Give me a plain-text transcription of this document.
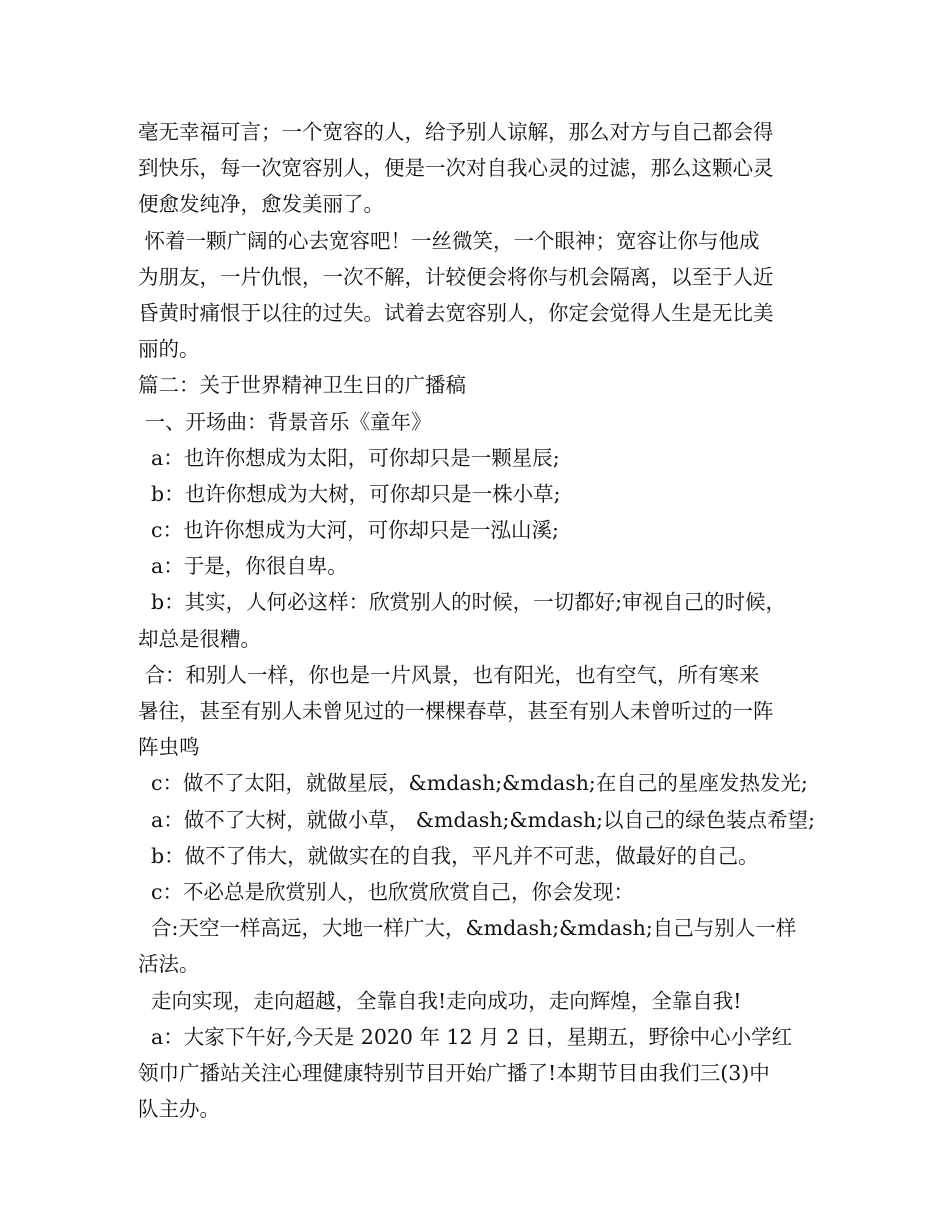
毫无幸福可言；一个宽容的人，给予别人谅解，那么对方与自己都会得
到快乐，每一次宽容别人，便是一次对自我心灵的过滤，那么这颗心灵
便愈发纯净，愈发美丽了。
怀着一颗广阔的心去宽容吧！一丝微笑，一个眼神；宽容让你与他成
为朋友，一片仇恨，一次不解，计较便会将你与机会隔离，以至于人近
昏黄时痛恨于以往的过失。试着去宽容别人，你定会觉得人生是无比美
丽的。
篇二：关于世界精神卫生日的广播稿
一、开场曲：背景音乐《童年》
a：也许你想成为太阳，可你却只是一颗星辰;
b：也许你想成为大树，可你却只是一株小草;
c：也许你想成为大河，可你却只是一泓山溪;
a：于是，你很自卑。
b：其实，人何必这样：欣赏别人的时候，一切都好;审视自己的时候，
却总是很糟。
合：和别人一样，你也是一片风景，也有阳光，也有空气，所有寒来
暑往，甚至有别人未曾见过的一棵棵春草，甚至有别人未曾听过的一阵
阵虫鸣
c：做不了太阳，就做星辰，&mdash;&mdash;在自己的星座发热发光;
a：做不了大树，就做小草， &mdash;&mdash;以自己的绿色装点希望;
b：做不了伟大，就做实在的自我，平凡并不可悲，做最好的自己。
c：不必总是欣赏别人，也欣赏欣赏自己，你会发现：
合:天空一样高远，大地一样广大，&mdash;&mdash;自己与别人一样
活法。
走向实现，走向超越，全靠自我!走向成功，走向辉煌，全靠自我!
a：大家下午好,今天是 2020 年 12 月 2 日，星期五，野徐中心小学红
领巾广播站关注心理健康特别节目开始广播了!本期节目由我们三(3)中
队主办。
